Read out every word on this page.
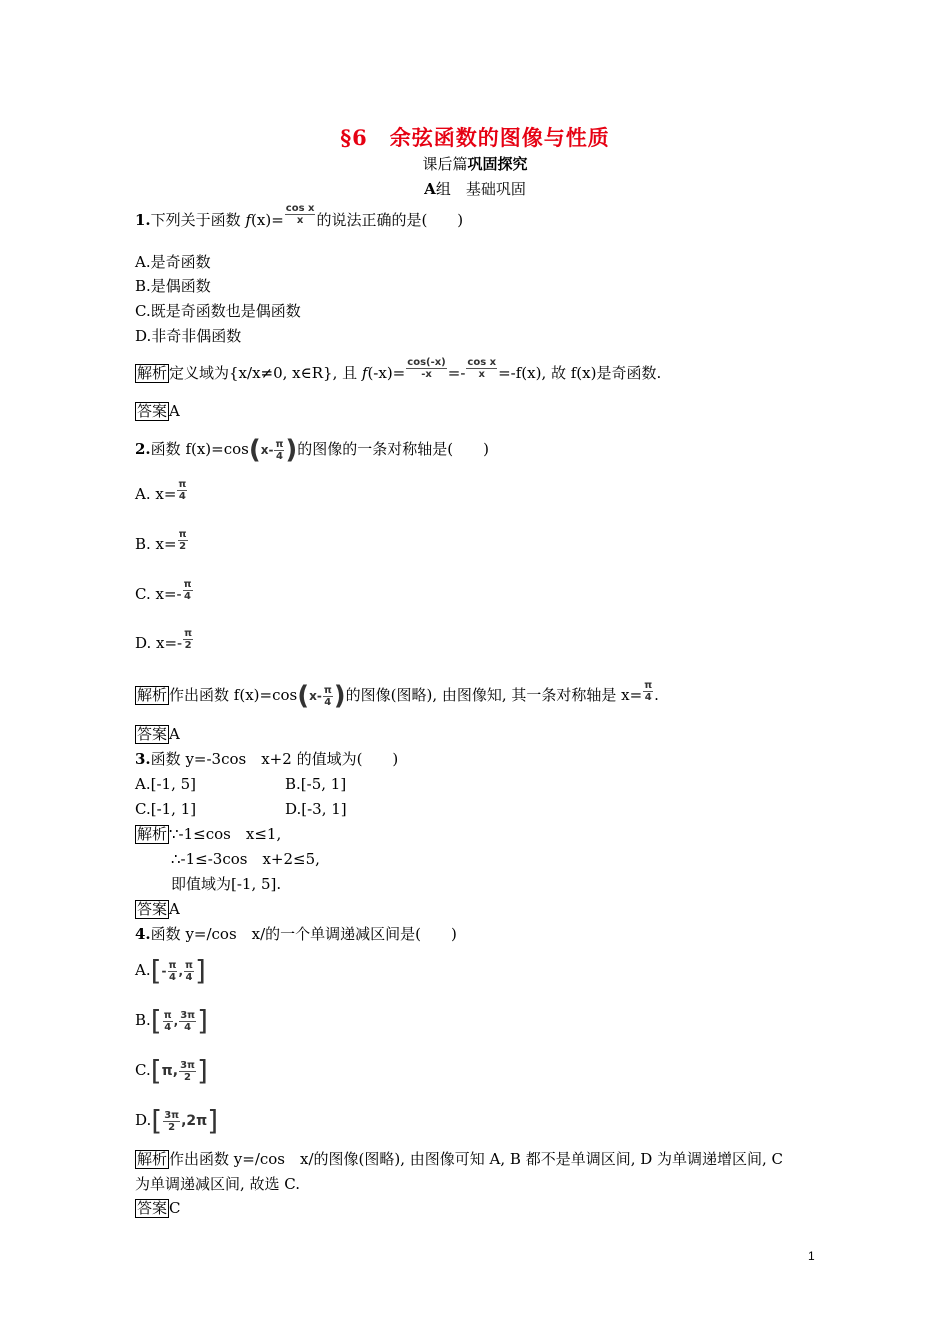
§6　余弦函数的图像与性质
课后篇巩固探究
A组　基础巩固
1.下列关于函数 $f(x)= \frac{\text{cos x}}{x}$ 的说法正确的是(　　)
A.是奇函数
B.是偶函数
C.既是奇函数也是偶函数
D.非奇非偶函数
解析 定义域为{x/x≠0, x∈R}, 且 $f(-x)= \frac{\cos(-x)}{-x} =- \frac{\text{cos x}}{x} =-f(x)$, 故 f(x)是奇函数.
答案 A
2.函数 $f(x)=\cos(x- \frac{\pi}{4}$ )的图像的一条对称轴是(　　)
A. $x= \frac{\pi}{4}$
B. $x= \frac{\pi}{2}$
C. $x=- \frac{\pi}{4}$
D. $x=- \frac{\pi}{2}$
解析 作出函数 $f(x)=\cos(x- \frac{\pi}{4}$ )的图像(图略), 由图像知, 其一条对称轴是 $x= \frac{\pi}{4}$ .
答案 A
3.函数 y=-3cos　x+2 的值域为(　　)
A.[-1, 5]	B.[-5, 1]
C.[-1, 1]	D.[-3, 1]
解析 ∵-1≤cos　x≤1,
∴-1≤-3cos　x+2≤5,
即值域为[-1, 5].
答案 A
4.函数 y=/cos　x/的一个单调递减区间是(　　)
$A.[- \frac{\pi}{4}$ , $\frac{\pi}{4}$ ]
$B.[ \frac{\pi}{4}$ , $\frac{3\pi}{4}$ ]
C.[π, $\frac{3\pi}{2}$ ]
$D.[ \frac{3\pi}{2} ,2\pi]$
解析 作出函数 y=/cos　x/的图像(图略), 由图像可知 A, B 都不是单调区间, D 为单调递增区间, C
为单调递减区间, 故选 C.
答案 C
1
